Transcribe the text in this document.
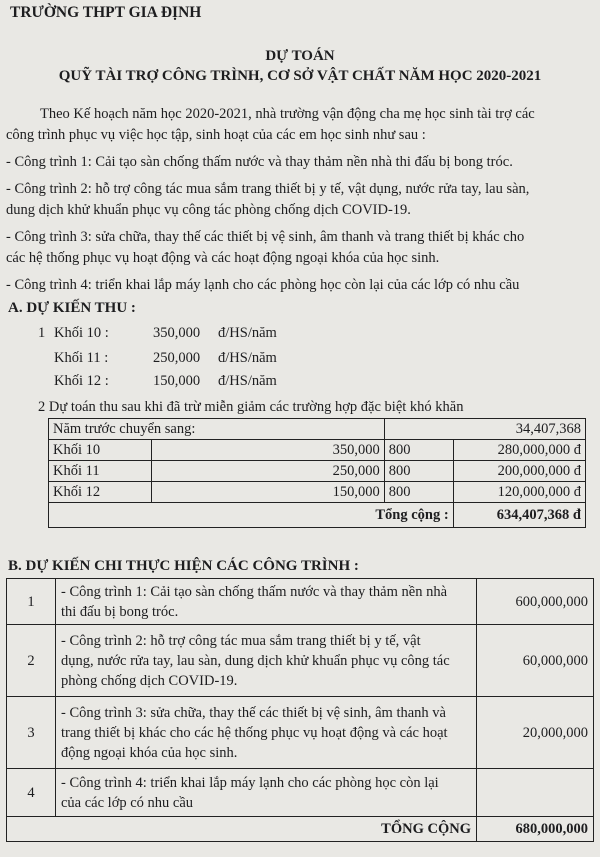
TRƯỜNG THPT GIA ĐỊNH
DỰ TOÁN
QUỸ TÀI TRỢ CÔNG TRÌNH, CƠ SỞ VẬT CHẤT NĂM HỌC 2020-2021
Theo Kế hoạch năm học 2020-2021, nhà trường vận động cha mẹ học sinh tài trợ các
công trình phục vụ việc học tập, sinh hoạt của các em học sinh như sau :
- Công trình 1: Cải tạo sàn chống thấm nước và thay thảm nền nhà thi đấu bị bong tróc.
- Công trình 2: hỗ trợ công tác mua sắm trang thiết bị y tế, vật dụng, nước rửa tay, lau sàn,
dung dịch khử khuẩn phục vụ công tác phòng chống dịch COVID-19.
- Công trình 3: sửa chữa, thay thế các thiết bị vệ sinh, âm thanh và trang thiết bị khác cho
các hệ thống phục vụ hoạt động và các hoạt động ngoại khóa của học sinh.
- Công trình 4: triển khai lắp máy lạnh cho các phòng học còn lại của các lớp có nhu cầu
A. DỰ KIẾN THU :
1 Khối 10 :	350,000 đ/HS/năm
Khối 11 :	250,000 đ/HS/năm
Khối 12 :	150,000 đ/HS/năm
2 Dự toán thu sau khi đã trừ miễn giảm các trường hợp đặc biệt khó khăn
Năm trước chuyển sang:		34,407,368	
Khối 10	350,000	800	280,000,000 đ
Khối 11	250,000	800	200,000,000 đ
Khối 12	150,000	800	120,000,000 đ
Tổng cộng :			634,407,368 đ
B. DỰ KIẾN CHI THỰC HIỆN CÁC CÔNG TRÌNH :
1	- Công trình 1: Cải tạo sàn chống thấm nước và thay thảm nền nhà
thi đấu bị bong tróc.	600,000,000
2	- Công trình 2: hỗ trợ công tác mua sắm trang thiết bị y tế, vật
dụng, nước rửa tay, lau sàn, dung dịch khử khuẩn phục vụ công tác
phòng chống dịch COVID-19.	60,000,000
3	- Công trình 3: sửa chữa, thay thế các thiết bị vệ sinh, âm thanh và
trang thiết bị khác cho các hệ thống phục vụ hoạt động và các hoạt
động ngoại khóa của học sinh.	20,000,000
4	- Công trình 4: triển khai lắp máy lạnh cho các phòng học còn lại
của các lớp có nhu cầu	

TỔNG CỘNG		680,000,000
